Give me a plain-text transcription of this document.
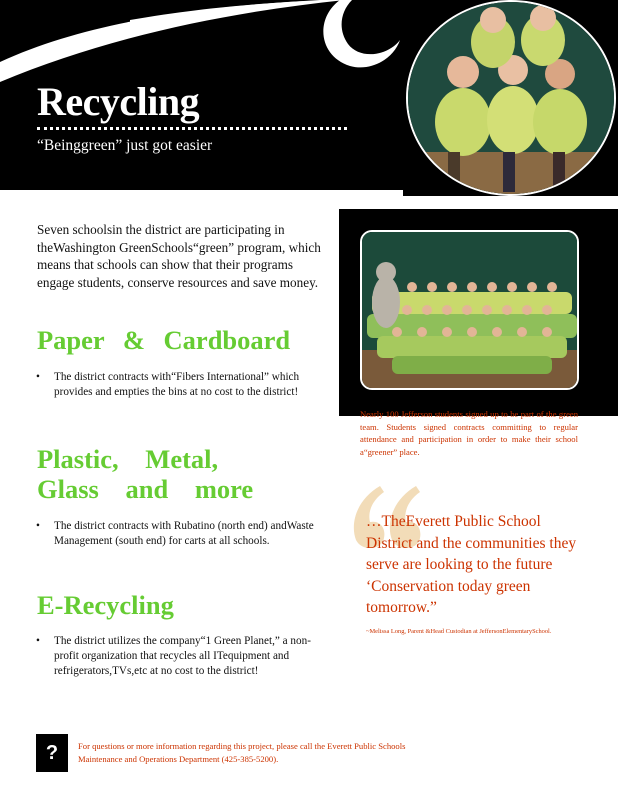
Recycling
“Beinggreen” just got easier
Seven schoolsin the district are participating in theWashington GreenSchools“green” program, which means that schools can show that their programs engage students, conserve resources and save money.
Paper & Cardboard
• The district contracts with“Fibers International” which provides and empties the bins at no cost to the district!
Plastic, Metal, Glass and more
• The district contracts with Rubatino (north end) andWaste Management (south end) for carts at all schools.
E-Recycling
• The district utilizes the company“1 Green Planet,” a non-profit organization that recycles all ITequipment and refrigerators,TVs,etc at no cost to the district!
Nearly 100 Jefferson students signed up to be part of the green team. Students signed contracts committing to regular attendance and participation in order to make their school a“greener” place.
…TheEverett Public School District and the communities they serve are looking to the future ‘Conservation today green tomorrow.”
~Melissa Long, Parent &Head Custodian at JeffersonElementarySchool.
?	For questions or more information regarding this project, please call the Everett Public Schools Maintenance and Operations Department (425-385-5200).
